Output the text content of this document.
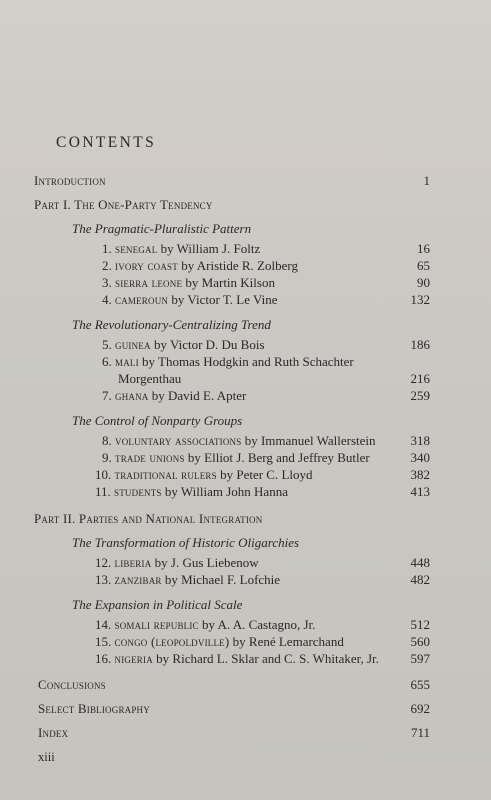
CONTENTS
Introduction	1
Part I. The One-Party Tendency
The Pragmatic-Pluralistic Pattern
1. senegal by William J. Foltz	16
2. ivory coast by Aristide R. Zolberg	65
3. sierra leone by Martin Kilson	90
4. cameroun by Victor T. Le Vine	132
The Revolutionary-Centralizing Trend
5. guinea by Victor D. Du Bois	186
6. mali by Thomas Hodgkin and Ruth Schachter
Morgenthau	216
7. ghana by David E. Apter	259
The Control of Nonparty Groups
8. voluntary associations by Immanuel Wallerstein	318
9. trade unions by Elliot J. Berg and Jeffrey Butler	340
10. traditional rulers by Peter C. Lloyd	382
11. students by William John Hanna	413
Part II. Parties and National Integration
The Transformation of Historic Oligarchies
12. liberia by J. Gus Liebenow	448
13. zanzibar by Michael F. Lofchie	482
The Expansion in Political Scale
14. somali republic by A. A. Castagno, Jr.	512
15. congo (leopoldville) by René Lemarchand	560
16. nigeria by Richard L. Sklar and C. S. Whitaker, Jr. 597
Conclusions	655
Select Bibliography	692
Index	711
xiii
